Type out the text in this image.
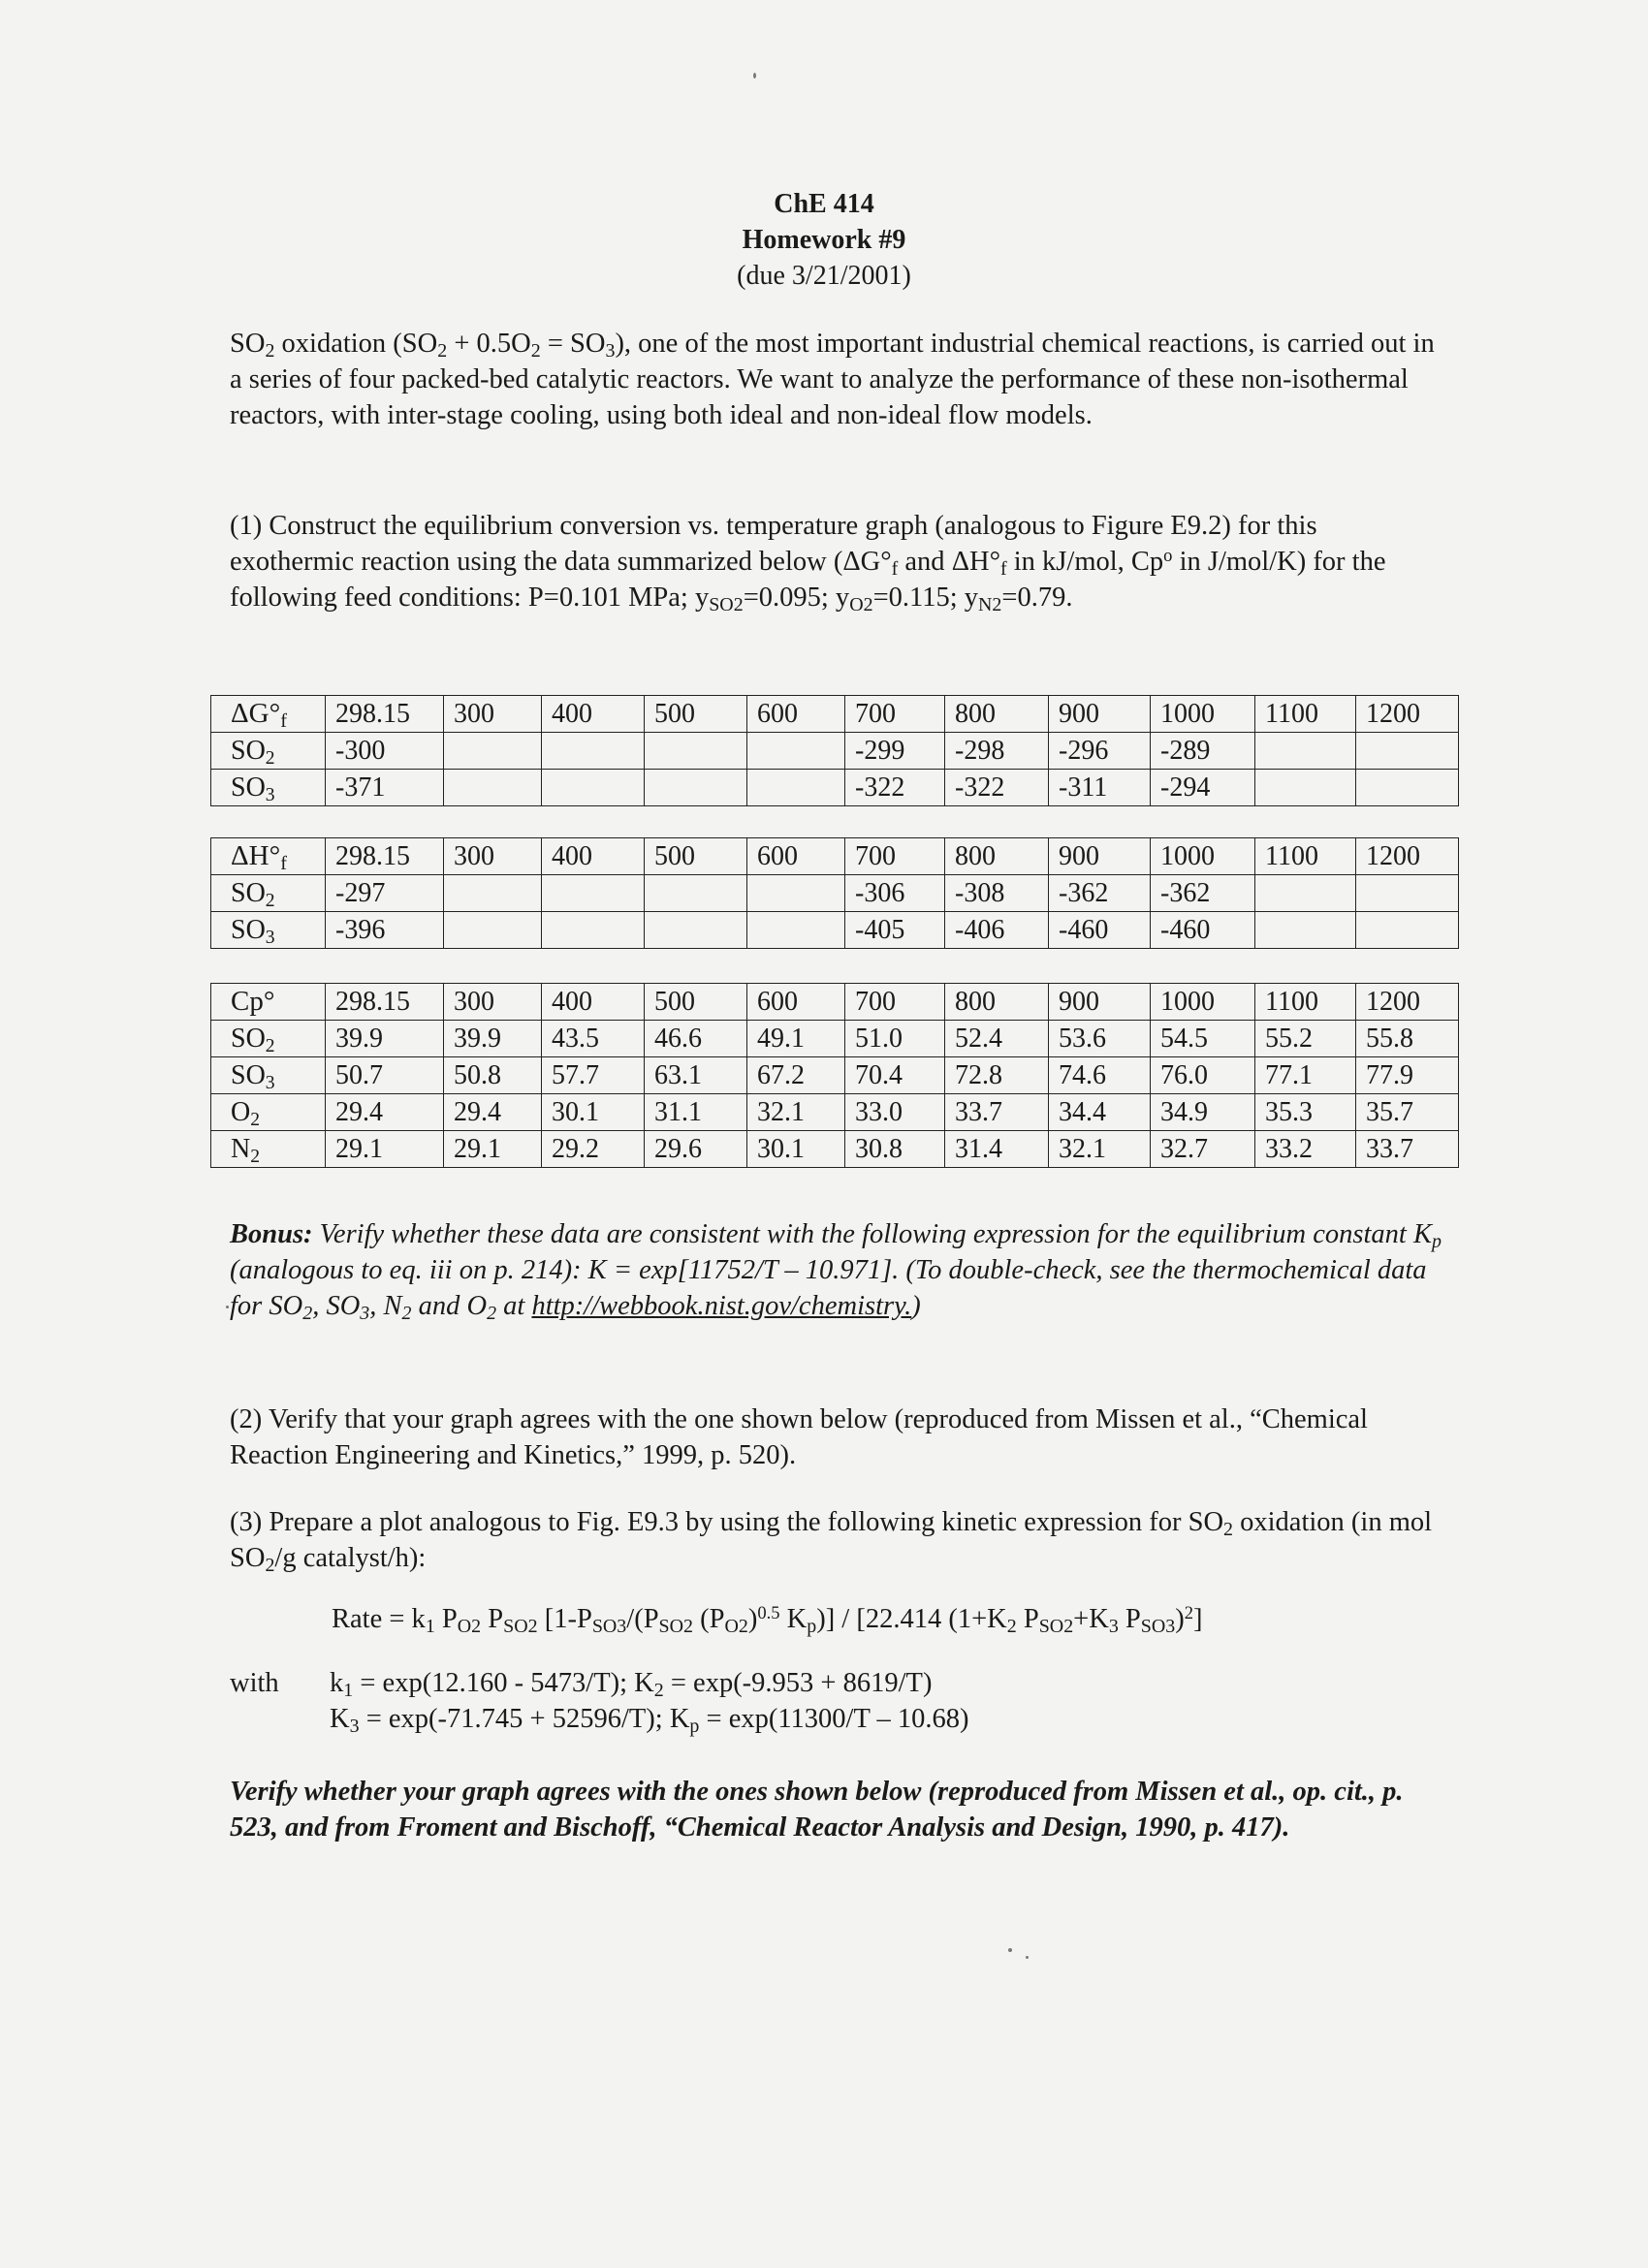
ChE 414
Homework #9
(due 3/21/2001)

$SO_2$ oxidation $(SO_2 + 0.5O_2 = SO_3)$, one of the most important industrial chemical reactions, is carried out in a series of four packed-bed catalytic reactors. We want to analyze the performance of these non-isothermal reactors, with inter-stage cooling, using both ideal and non-ideal flow models.

(1) Construct the equilibrium conversion vs. temperature graph (analogous to Figure E9.2) for this exothermic reaction using the data summarized below ($\Delta G^\circ_f$ and $\Delta H^\circ_f$ in kJ/mol, Cp$^o$ in J/mol/K) for the following feed conditions: P=0.101 MPa; $y_{SO2}=0.095$; $y_{O2}=0.115$; $y_{N2}=0.79$.

$\Delta G^\circ_f$	298.15	300	400	500	600	700	800	900	1000	1100	1200
$SO_2$	-300					-299	-298	-296	-289		
$SO_3$	-371					-322	-322	-311	-294		
$\Delta H^\circ_f$	298.15	300	400	500	600	700	800	900	1000	1100	1200
$SO_2$	-297					-306	-308	-362	-362		
$SO_3$	-396					-405	-406	-460	-460		
Cp°	298.15	300	400	500	600	700	800	900	1000	1100	1200
$SO_2$	39.9	39.9	43.5	46.6	49.1	51.0	52.4	53.6	54.5	55.2	55.8
$SO_3$	50.7	50.8	57.7	63.1	67.2	70.4	72.8	74.6	76.0	77.1	77.9
$O_2$	29.4	29.4	30.1	31.1	32.1	33.0	33.7	34.4	34.9	35.3	35.7
$N_2$	29.1	29.1	29.2	29.6	30.1	30.8	31.4	32.1	32.7	33.2	33.7

Bonus: Verify whether these data are consistent with the following expression for the equilibrium constant $K_p$ (analogous to eq. iii on p. 214): K = exp[11752/T – 10.971]. (To double-check, see the thermochemical data for $SO_2$, $SO_3$, $N_2$ and $O_2$ at http://webbook.nist.gov/chemistry.)

(2) Verify that your graph agrees with the one shown below (reproduced from Missen et al., “Chemical Reaction Engineering and Kinetics,” 1999, p. 520).

(3) Prepare a plot analogous to Fig. E9.3 by using the following kinetic expression for $SO_2$ oxidation (in mol $SO_2/g$ catalyst/h):

Rate = $k_1$ $P_{O2}$ $P_{SO2}$ [$1-P_{SO3}/(P_{SO2}$ $(P_{O2})^{0.5}$ $K_p)] / [22.414$ ($1+K_2$ $P_{SO2}+K_3$ $P_{SO3})^2$]
with $k_1 = \exp(12.160 - 5473/T)$; $K_2 = \exp(-9.953 + 8619/T)$
$K_3 = \exp(-71.745 + 52596/T)$; $K_p = \exp(11300/T - 10.68)$

Verify whether your graph agrees with the ones shown below (reproduced from Missen et al., op. cit., p. 523, and from Froment and Bischoff, “Chemical Reactor Analysis and Design, 1990, p. 417).
